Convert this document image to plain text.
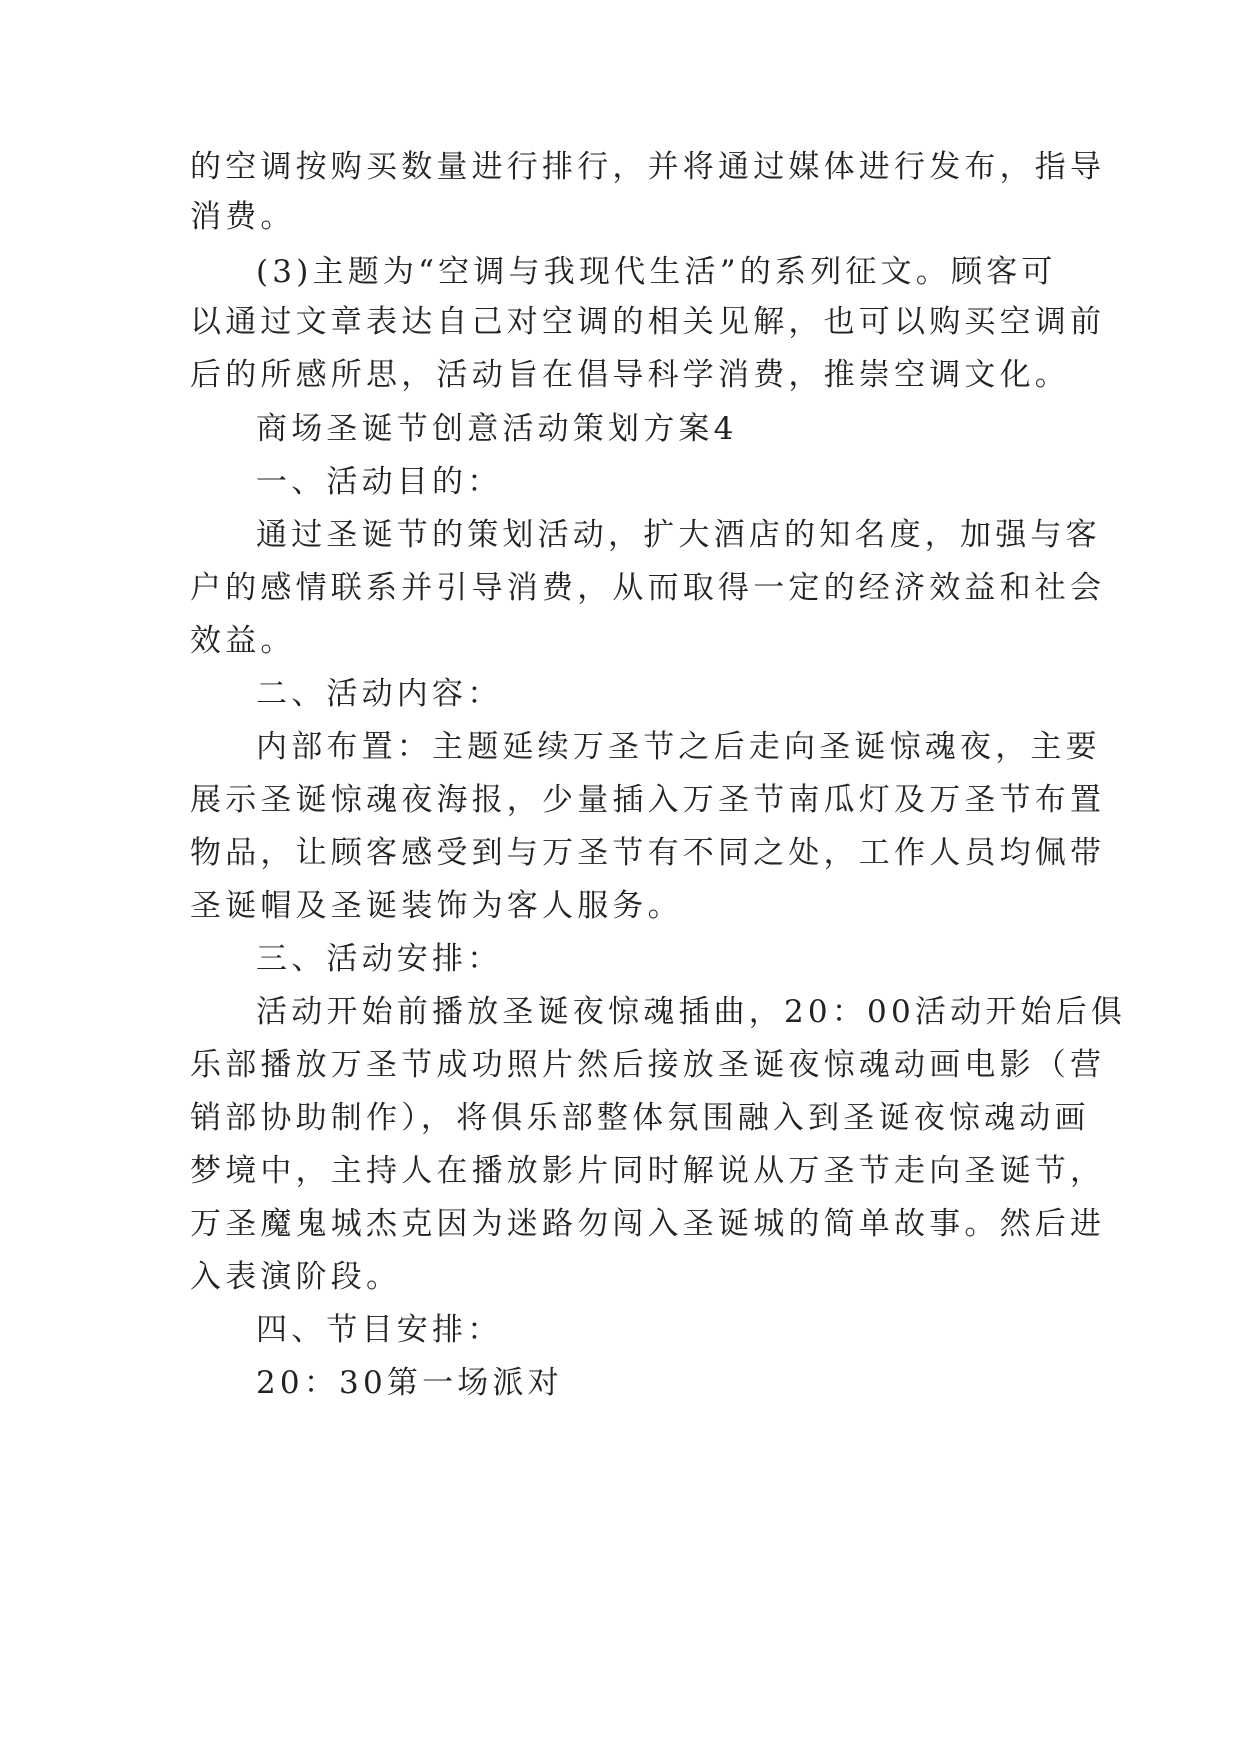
的空调按购买数量进行排行，并将通过媒体进行发布，指导
消费。
(3)主题为“空调与我现代生活”的系列征文。顾客可
以通过文章表达自己对空调的相关见解，也可以购买空调前
后的所感所思，活动旨在倡导科学消费，推崇空调文化。
商场圣诞节创意活动策划方案4
一、活动目的：
通过圣诞节的策划活动，扩大酒店的知名度，加强与客
户的感情联系并引导消费，从而取得一定的经济效益和社会
效益。
二、活动内容：
内部布置：主题延续万圣节之后走向圣诞惊魂夜，主要
展示圣诞惊魂夜海报，少量插入万圣节南瓜灯及万圣节布置
物品，让顾客感受到与万圣节有不同之处，工作人员均佩带
圣诞帽及圣诞装饰为客人服务。
三、活动安排：
活动开始前播放圣诞夜惊魂插曲，20：00活动开始后俱
乐部播放万圣节成功照片然后接放圣诞夜惊魂动画电影（营
销部协助制作），将俱乐部整体氛围融入到圣诞夜惊魂动画
梦境中，主持人在播放影片同时解说从万圣节走向圣诞节，
万圣魔鬼城杰克因为迷路勿闯入圣诞城的简单故事。然后进
入表演阶段。
四、节目安排：
20：30第一场派对
